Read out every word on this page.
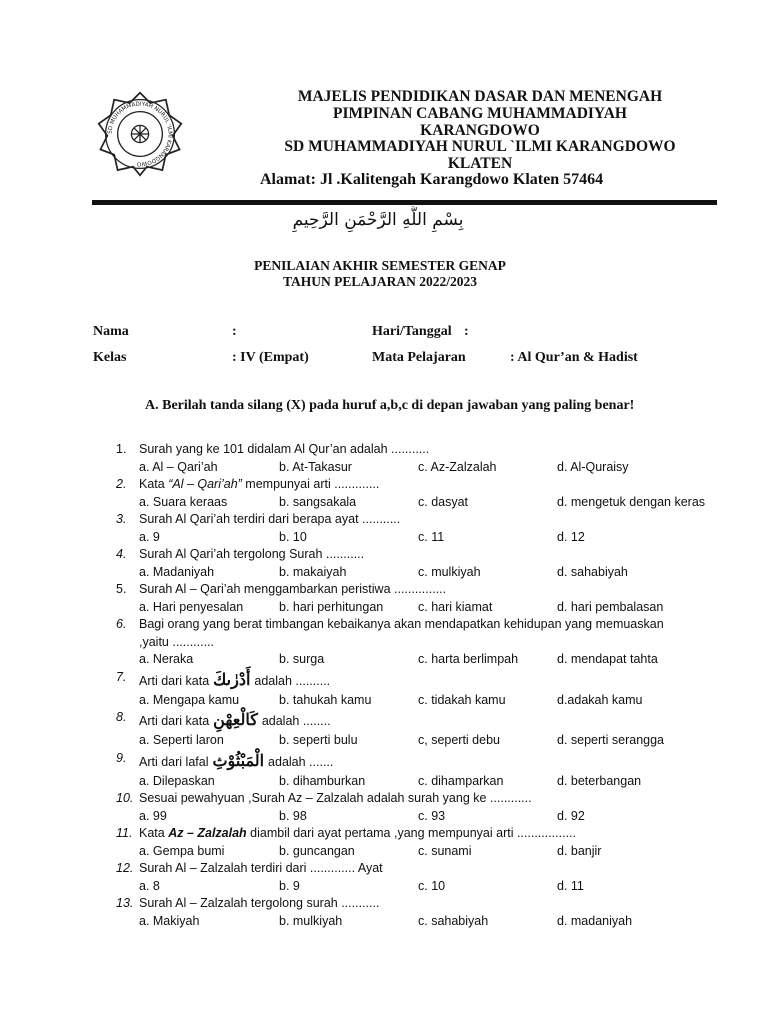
SD MUHAMMADIYAH NURUL 'ILMI KARANGDOWO
MAJELIS PENDIDIKAN DASAR DAN MENENGAH
PIMPINAN CABANG MUHAMMADIYAH
KARANGDOWO
SD MUHAMMADIYAH NURUL `ILMI KARANGDOWO
KLATEN
Alamat: Jl .Kalitengah Karangdowo Klaten 57464
بِسْمِ اللَّهِ الرَّحْمَنِ الرَّحِيمِ
PENILAIAN AKHIR SEMESTER GENAP
TAHUN PELAJARAN 2022/2023
Nama	:	Hari/Tanggal :
Kelas	: IV (Empat)	Mata Pelajaran	: Al Qur’an & Hadist
A. Berilah tanda silang (X) pada huruf a,b,c di depan jawaban yang paling benar!
1.	Surah yang ke 101 didalam Al Qur’an adalah ...........
a. Al – Qari’ah	b. At-Takasur	c. Az-Zalzalah	d. Al-Quraisy
2.	Kata “Al – Qari’ah” mempunyai arti .............
a. Suara keraas	b. sangsakala	c. dasyat	d. mengetuk dengan keras
3.	Surah Al Qari’ah terdiri dari berapa ayat ...........
a. 9	b. 10	c. 11	d. 12
4.	Surah Al Qari’ah tergolong Surah ...........
a. Madaniyah	b. makaiyah	c. mulkiyah	d. sahabiyah
5.	Surah Al – Qari’ah menggambarkan peristiwa ...............
a. Hari penyesalan	b. hari perhitungan	c. hari kiamat	d. hari pembalasan
6.	Bagi orang yang berat timbangan kebaikanya akan mendapatkan kehidupan yang memuaskan ,yaitu ............
a. Neraka	b. surga	c. harta berlimpah	d. mendapat tahta
7.	Arti dari kata أَدْرٰىكَ adalah ..........
a. Mengapa kamu	b. tahukah kamu	c. tidakah kamu	d.adakah kamu
8.	Arti dari kata كَالْعِهْنِ adalah ........
a. Seperti laron	b. seperti bulu	c, seperti debu	d. seperti serangga
9.	Arti dari lafal الْمَبْثُوْثِ adalah .......
a. Dilepaskan	b. dihamburkan	c. dihamparkan	d. beterbangan
10. Sesuai pewahyuan ,Surah Az – Zalzalah adalah surah yang ke ............
a. 99	b. 98	c. 93	d. 92
11. Kata Az – Zalzalah diambil dari ayat pertama ,yang mempunyai arti .................
a. Gempa bumi	b. guncangan	c. sunami	d. banjir
12. Surah Al – Zalzalah terdiri dari ............. Ayat
a. 8	b. 9	c. 10	d. 11
13. Surah Al – Zalzalah tergolong surah ...........
a. Makiyah	b. mulkiyah	c. sahabiyah	d. madaniyah
